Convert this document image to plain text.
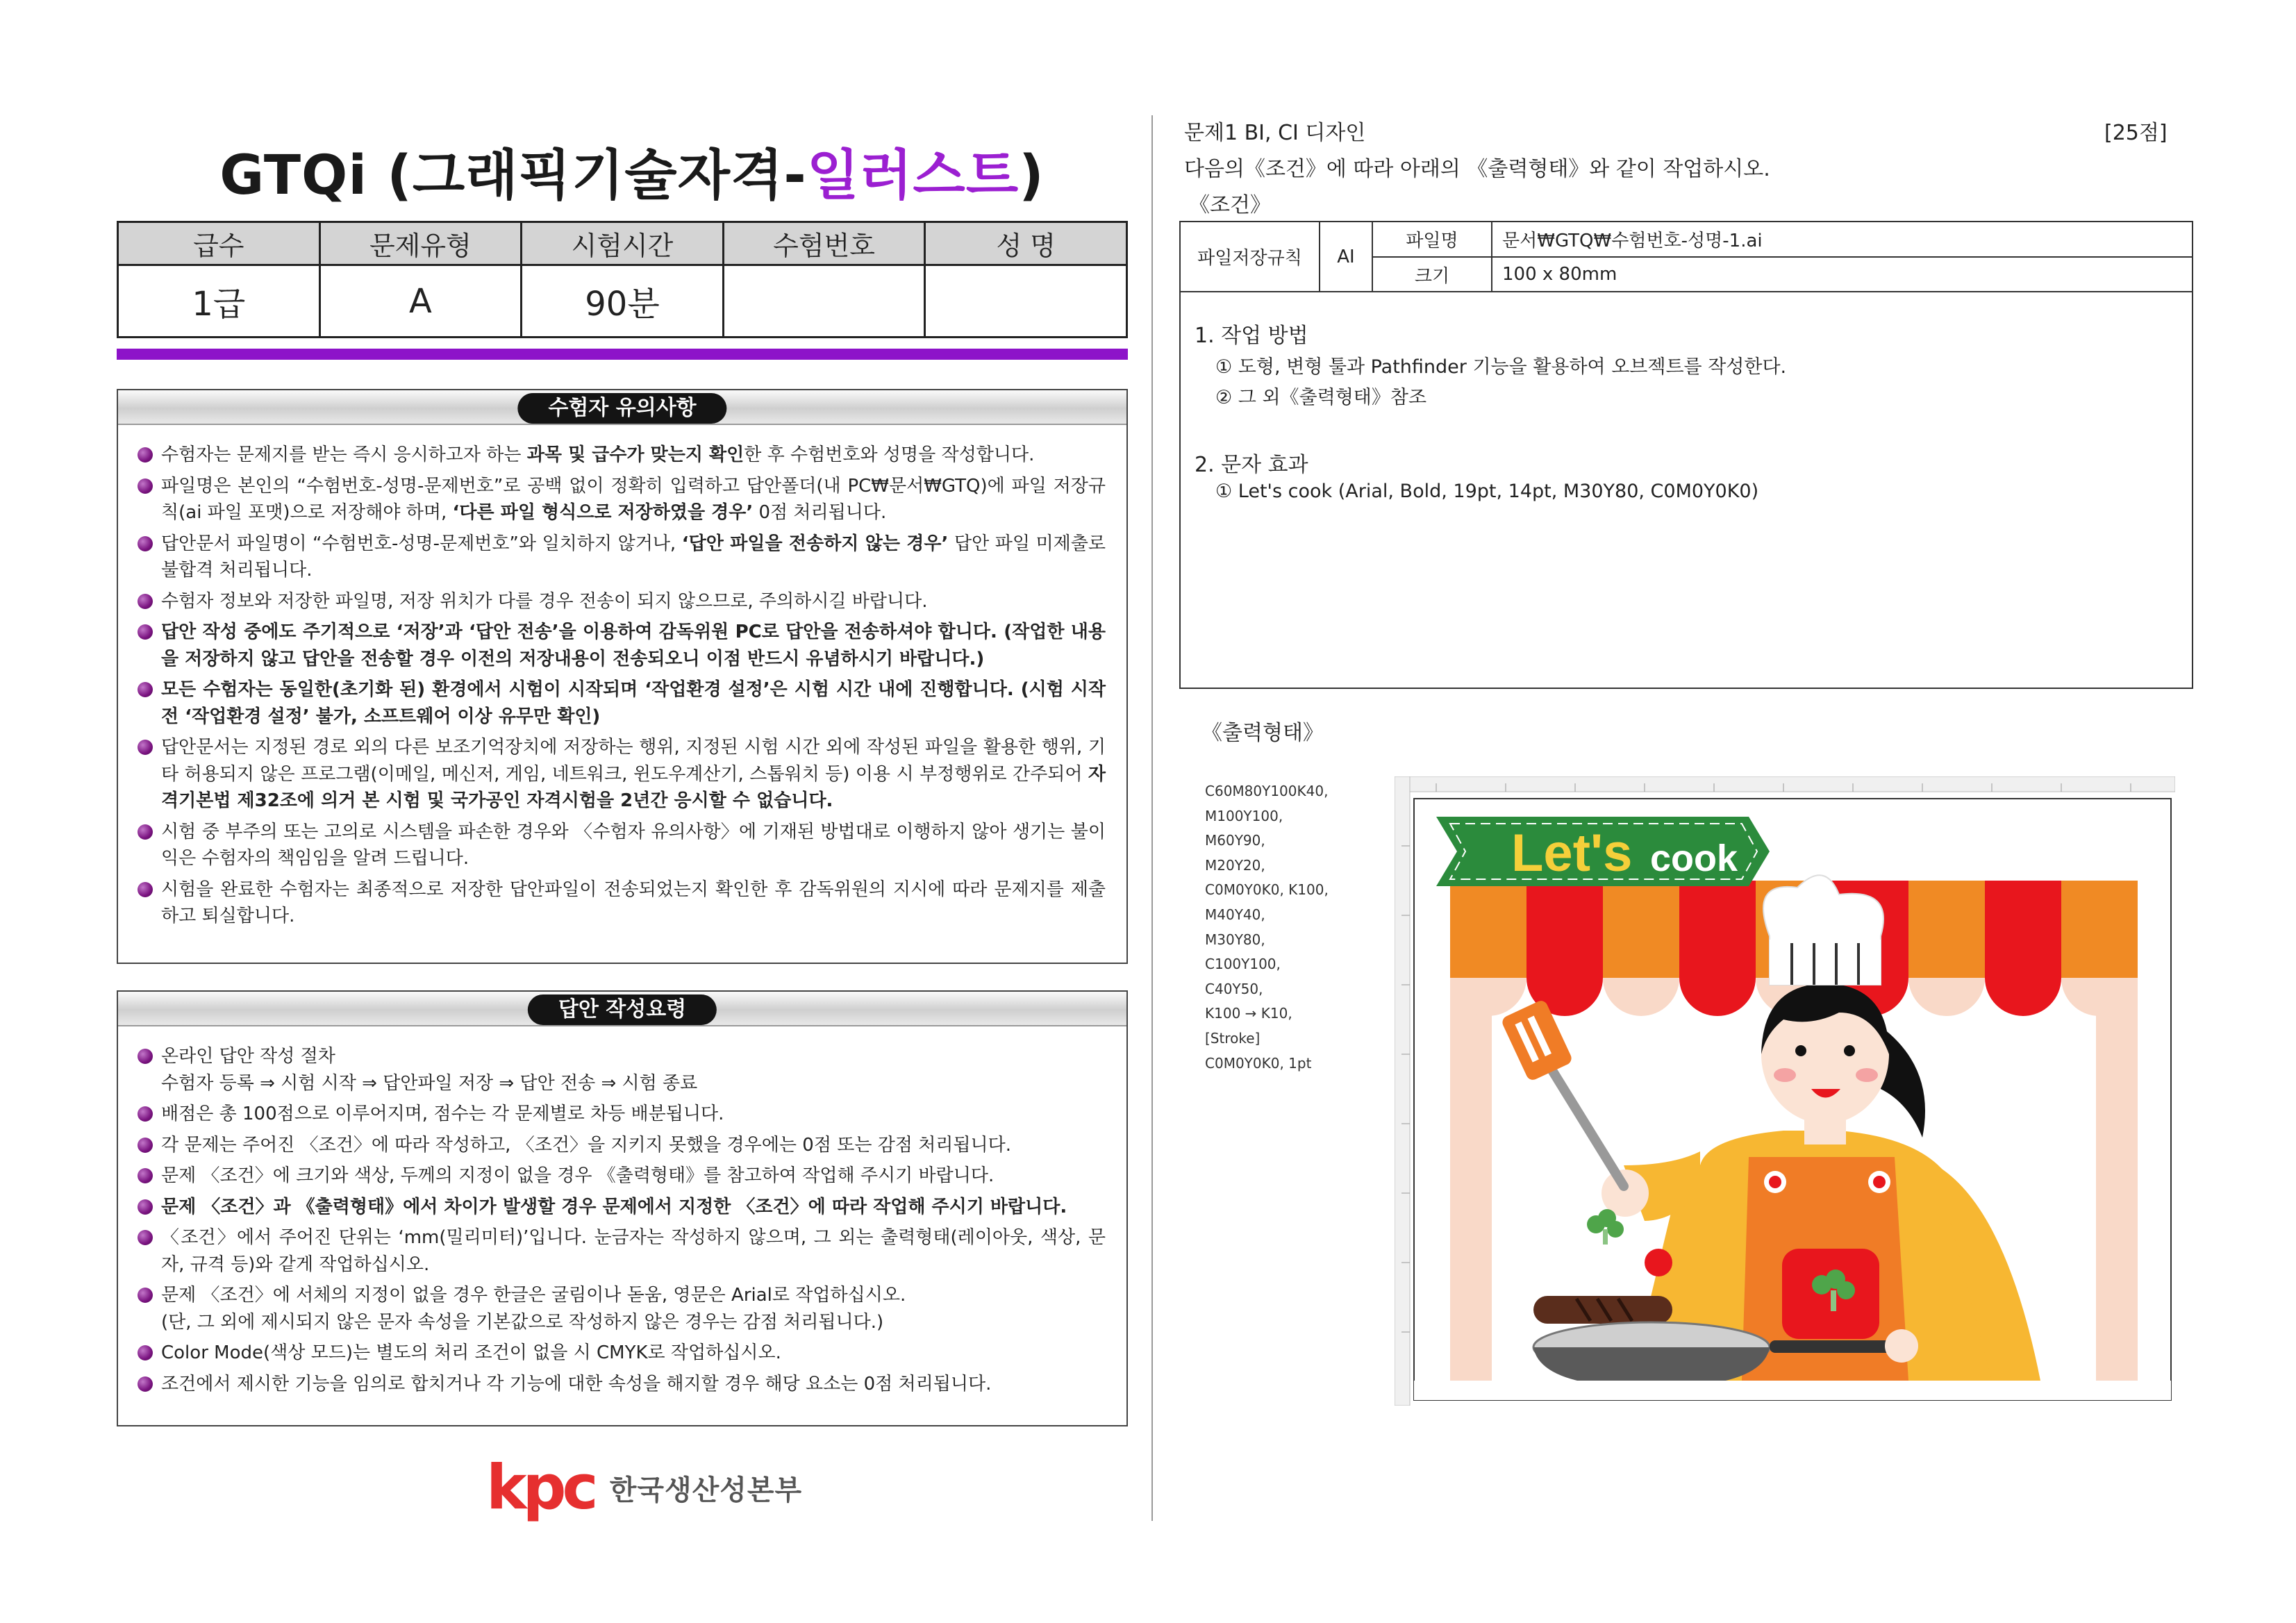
GTQi (그래픽기술자격-일러스트)
급수	문제유형	시험시간	수험번호	성 명
1급	A	90분		
수험자 유의사항
수험자는 문제지를 받는 즉시 응시하고자 하는 과목 및 급수가 맞는지 확인한 후 수험번호와 성명을 작성합니다.
파일명은 본인의 “수험번호-성명-문제번호”로 공백 없이 정확히 입력하고 답안폴더(내 PC₩문서₩GTQ)에 파일 저장규칙(ai 파일 포맷)으로 저장해야 하며, ‘다른 파일 형식으로 저장하였을 경우’ 0점 처리됩니다.
답안문서 파일명이 “수험번호-성명-문제번호”와 일치하지 않거나, ‘답안 파일을 전송하지 않는 경우’ 답안 파일 미제출로 불합격 처리됩니다.
수험자 정보와 저장한 파일명, 저장 위치가 다를 경우 전송이 되지 않으므로, 주의하시길 바랍니다.
답안 작성 중에도 주기적으로 ‘저장’과 ‘답안 전송’을 이용하여 감독위원 PC로 답안을 전송하셔야 합니다. (작업한 내용을 저장하지 않고 답안을 전송할 경우 이전의 저장내용이 전송되오니 이점 반드시 유념하시기 바랍니다.)
모든 수험자는 동일한(초기화 된) 환경에서 시험이 시작되며 ‘작업환경 설정’은 시험 시간 내에 진행합니다. (시험 시작 전 ‘작업환경 설정’ 불가, 소프트웨어 이상 유무만 확인)
답안문서는 지정된 경로 외의 다른 보조기억장치에 저장하는 행위, 지정된 시험 시간 외에 작성된 파일을 활용한 행위, 기타 허용되지 않은 프로그램(이메일, 메신저, 게임, 네트워크, 윈도우계산기, 스톱워치 등) 이용 시 부정행위로 간주되어 자격기본법 제32조에 의거 본 시험 및 국가공인 자격시험을 2년간 응시할 수 없습니다.
시험 중 부주의 또는 고의로 시스템을 파손한 경우와 〈수험자 유의사항〉에 기재된 방법대로 이행하지 않아 생기는 불이익은 수험자의 책임임을 알려 드립니다.
시험을 완료한 수험자는 최종적으로 저장한 답안파일이 전송되었는지 확인한 후 감독위원의 지시에 따라 문제지를 제출하고 퇴실합니다.
답안 작성요령
온라인 답안 작성 절차
수험자 등록 ⇒ 시험 시작 ⇒ 답안파일 저장 ⇒ 답안 전송 ⇒ 시험 종료
배점은 총 100점으로 이루어지며, 점수는 각 문제별로 차등 배분됩니다.
각 문제는 주어진 〈조건〉에 따라 작성하고, 〈조건〉을 지키지 못했을 경우에는 0점 또는 감점 처리됩니다.
문제 〈조건〉에 크기와 색상, 두께의 지정이 없을 경우 《출력형태》를 참고하여 작업해 주시기 바랍니다.
문제 〈조건〉과 《출력형태》에서 차이가 발생할 경우 문제에서 지정한 〈조건〉에 따라 작업해 주시기 바랍니다.
〈조건〉에서 주어진 단위는 ‘mm(밀리미터)’입니다. 눈금자는 작성하지 않으며, 그 외는 출력형태(레이아웃, 색상, 문자, 규격 등)와 같게 작업하십시오.
문제 〈조건〉에 서체의 지정이 없을 경우 한글은 굴림이나 돋움, 영문은 Arial로 작업하십시오.
(단, 그 외에 제시되지 않은 문자 속성을 기본값으로 작성하지 않은 경우는 감점 처리됩니다.)
Color Mode(색상 모드)는 별도의 처리 조건이 없을 시 CMYK로 작업하십시오.
조건에서 제시한 기능을 임의로 합치거나 각 기능에 대한 속성을 해지할 경우 해당 요소는 0점 처리됩니다.
kpc 한국생산성본부
문제1 BI, CI 디자인	[25점]
다음의《조건》에 따라 아래의 《출력형태》와 같이 작업하시오.
《조건》
파일저장규칙	AI	파일명	문서₩GTQ₩수험번호-성명-1.ai
		크기	100 x 80mm
1. 작업 방법
① 도형, 변형 툴과 Pathfinder 기능을 활용하여 오브젝트를 작성한다.
② 그 외《출력형태》참조
2. 문자 효과
① Let's cook (Arial, Bold, 19pt, 14pt, M30Y80, C0M0Y0K0)
《출력형태》
C60M80Y100K40,
M100Y100,
M60Y90,
M20Y20,
C0M0Y0K0, K100,
M40Y40,
M30Y80,
C100Y100,
C40Y50,
K100 → K10,
[Stroke]
C0M0Y0K0, 1pt
Let's cook
